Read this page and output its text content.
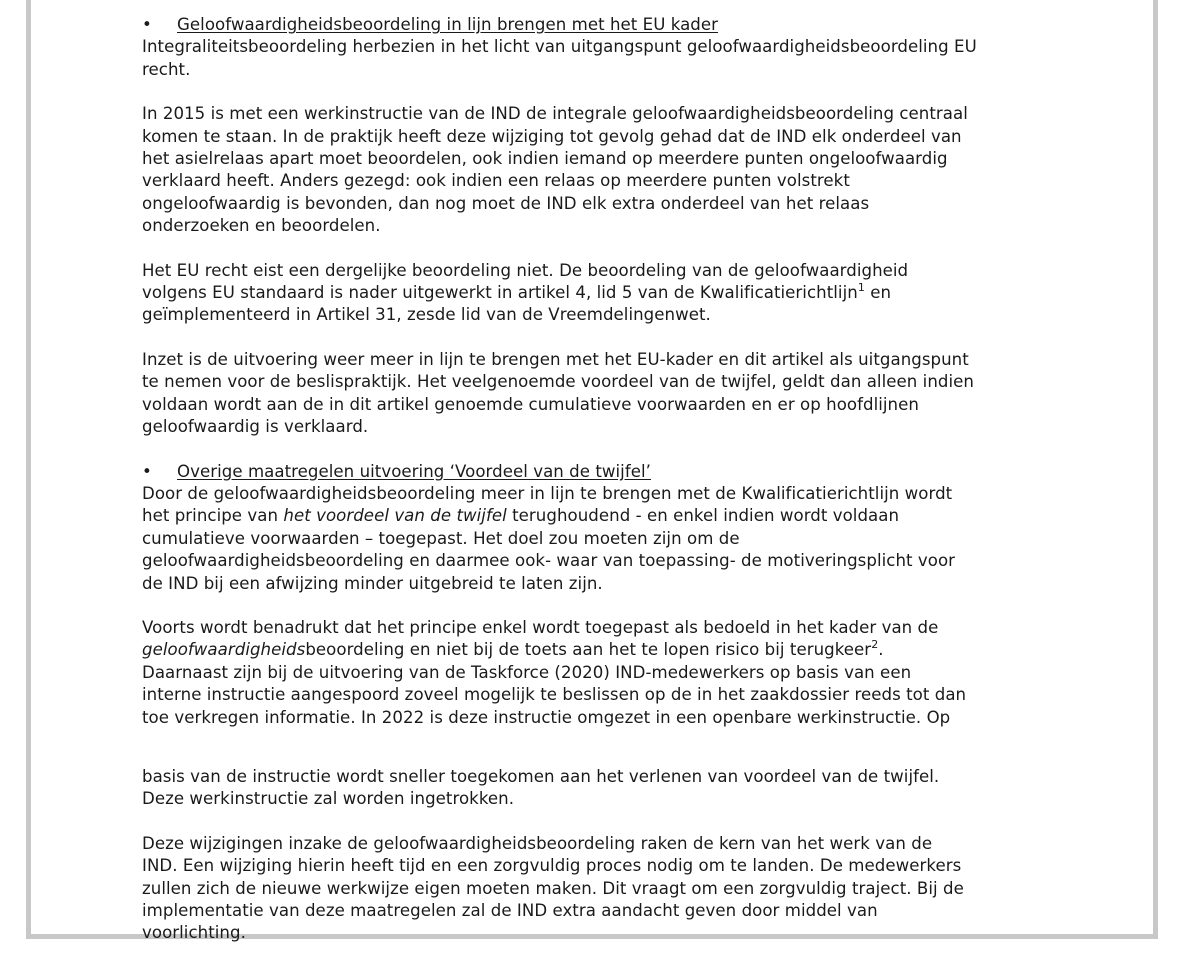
•	Geloofwaardigheidsbeoordeling in lijn brengen met het EU kader

Integraliteitsbeoordeling herbezien in het licht van uitgangspunt geloofwaardigheidsbeoordeling EU

recht.

In 2015 is met een werkinstructie van de IND de integrale geloofwaardigheidsbeoordeling centraal

komen te staan. In de praktijk heeft deze wijziging tot gevolg gehad dat de IND elk onderdeel van

het asielrelaas apart moet beoordelen, ook indien iemand op meerdere punten ongeloofwaardig

verklaard heeft. Anders gezegd: ook indien een relaas op meerdere punten volstrekt

ongeloofwaardig is bevonden, dan nog moet de IND elk extra onderdeel van het relaas

onderzoeken en beoordelen.

Het EU recht eist een dergelijke beoordeling niet. De beoordeling van de geloofwaardigheid

volgens EU standaard is nader uitgewerkt in artikel 4, lid 5 van de Kwalificatierichtlijn$^1$ en

geïmplementeerd in Artikel 31, zesde lid van de Vreemdelingenwet.

Inzet is de uitvoering weer meer in lijn te brengen met het EU-kader en dit artikel als uitgangspunt

te nemen voor de beslispraktijk. Het veelgenoemde voordeel van de twijfel, geldt dan alleen indien

voldaan wordt aan de in dit artikel genoemde cumulatieve voorwaarden en er op hoofdlijnen

geloofwaardig is verklaard.

•	Overige maatregelen uitvoering ‘Voordeel van de twijfel’

Door de geloofwaardigheidsbeoordeling meer in lijn te brengen met de Kwalificatierichtlijn wordt

het principe van het voordeel van de twijfel terughoudend - en enkel indien wordt voldaan

cumulatieve voorwaarden – toegepast. Het doel zou moeten zijn om de

geloofwaardigheidsbeoordeling en daarmee ook- waar van toepassing- de motiveringsplicht voor

de IND bij een afwijzing minder uitgebreid te laten zijn.

Voorts wordt benadrukt dat het principe enkel wordt toegepast als bedoeld in het kader van de

geloofwaardigheidsbeoordeling en niet bij de toets aan het te lopen risico bij terugkeer$^2$.

Daarnaast zijn bij de uitvoering van de Taskforce (2020) IND-medewerkers op basis van een

interne instructie aangespoord zoveel mogelijk te beslissen op de in het zaakdossier reeds tot dan

toe verkregen informatie. In 2022 is deze instructie omgezet in een openbare werkinstructie. Op

basis van de instructie wordt sneller toegekomen aan het verlenen van voordeel van de twijfel.

Deze werkinstructie zal worden ingetrokken.

Deze wijzigingen inzake de geloofwaardigheidsbeoordeling raken de kern van het werk van de

IND. Een wijziging hierin heeft tijd en een zorgvuldig proces nodig om te landen. De medewerkers

zullen zich de nieuwe werkwijze eigen moeten maken. Dit vraagt om een zorgvuldig traject. Bij de

implementatie van deze maatregelen zal de IND extra aandacht geven door middel van

voorlichting.
